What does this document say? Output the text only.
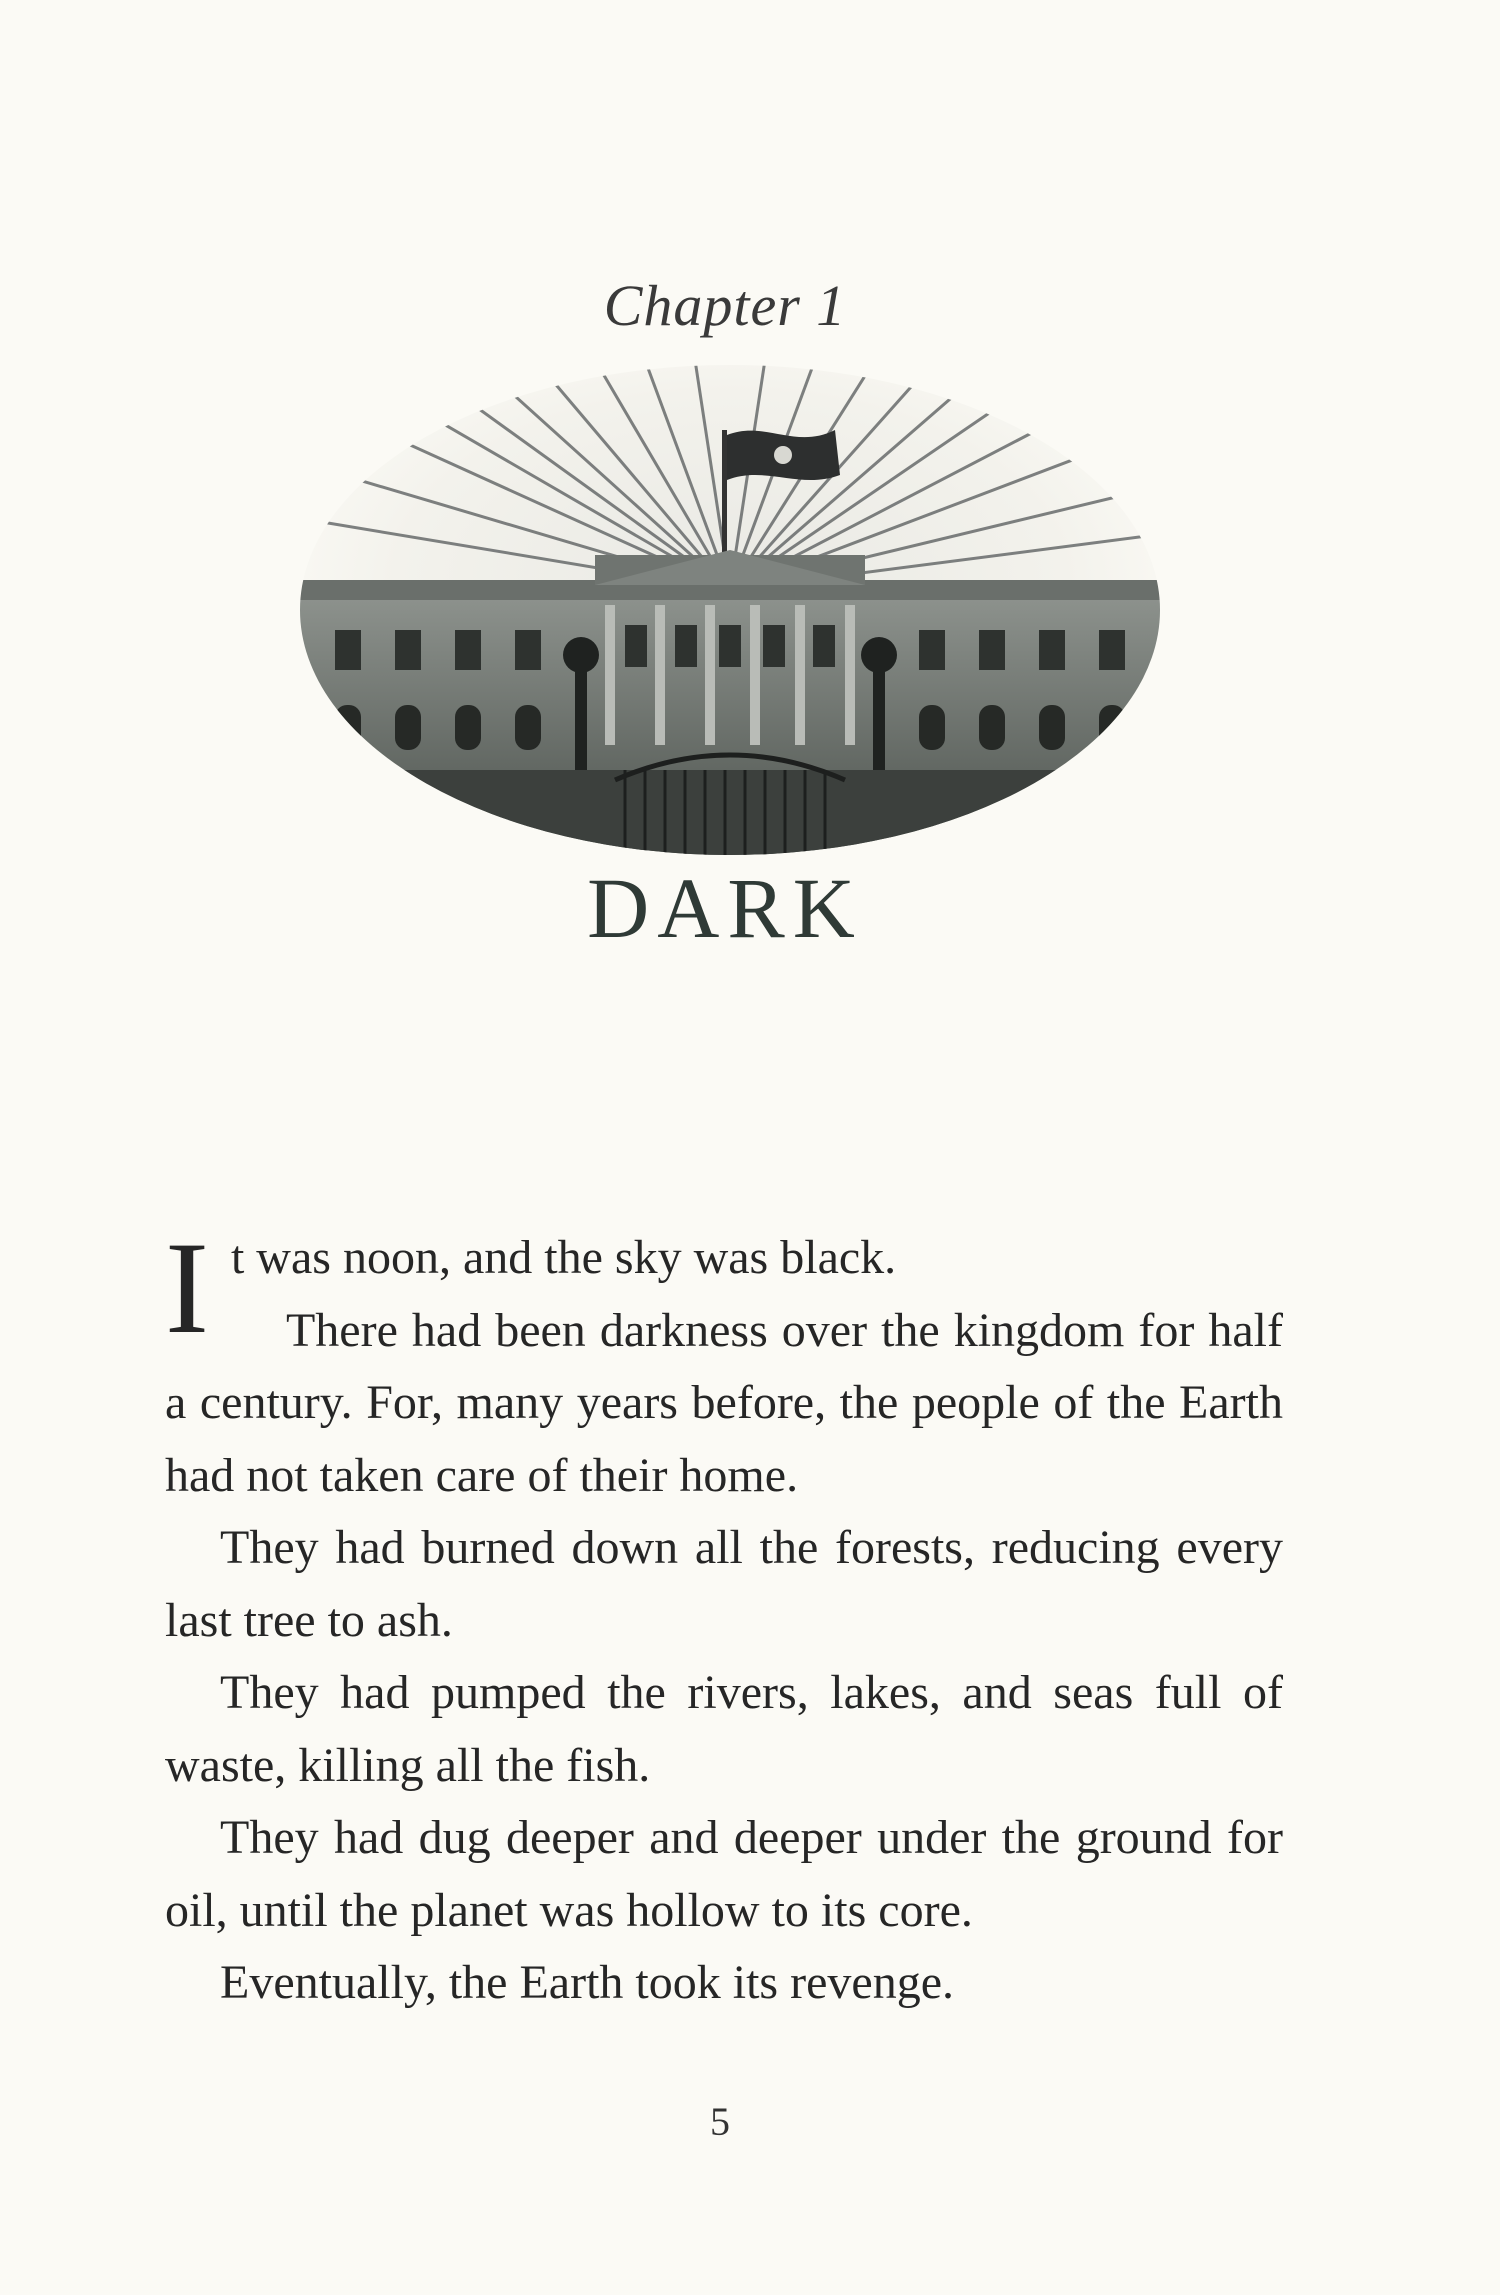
Chapter 1
DARK

It was noon, and the sky was black.

There had been darkness over the kingdom for half a century. For, many years before, the people of the Earth had not taken care of their home.

They had burned down all the forests, reducing every last tree to ash.

They had pumped the rivers, lakes, and seas full of waste, killing all the fish.

They had dug deeper and deeper under the ground for oil, until the planet was hollow to its core.

Eventually, the Earth took its revenge.

5
